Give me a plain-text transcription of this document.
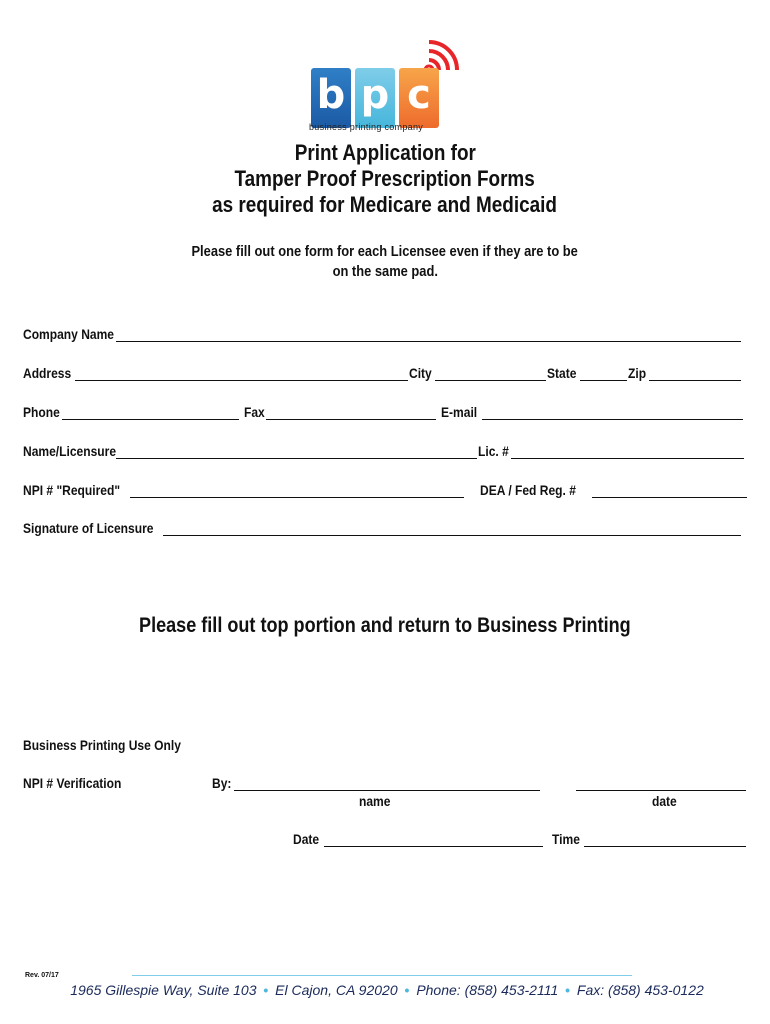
b p c
business printing company
Print Application for
Tamper Proof Prescription Forms
as required for Medicare and Medicaid
Please fill out one form for each Licensee even if they are to be
on the same pad.
Company Name
Address	City	State	Zip
Phone	Fax	E-mail
Name/Licensure	Lic. #
NPI # "Required"	DEA / Fed Reg. #
Signature of Licensure
Please fill out top portion and return to Business Printing
Business Printing Use Only
NPI # Verification	By:
name	date
Date	Time
Rev. 07/17
1965 Gillespie Way, Suite 103 • El Cajon, CA 92020 • Phone: (858) 453-2111 • Fax: (858) 453-0122
